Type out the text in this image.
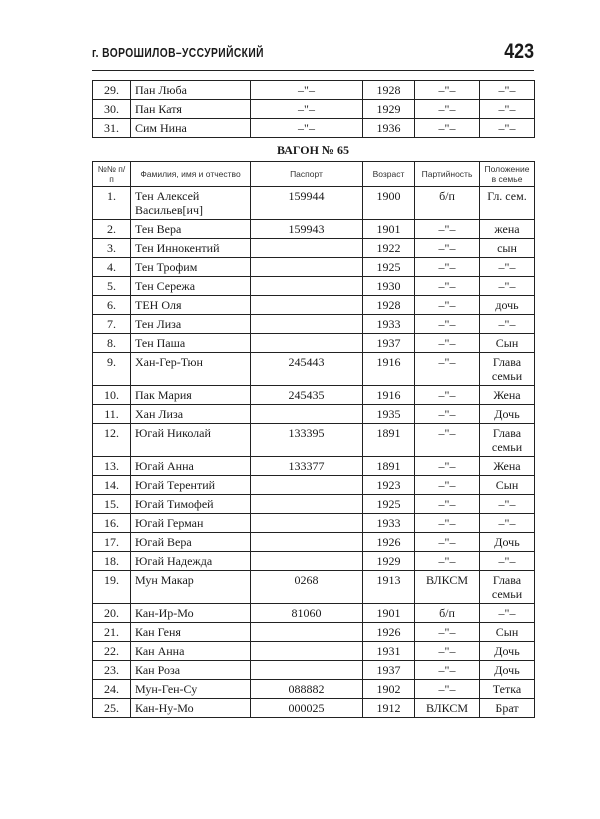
г. ВОРОШИЛОВ–УССУРИЙСКИЙ	423
29.	Пан Люба	–"–	1928	–"–	–"–
30.	Пан Катя	–"–	1929	–"–	–"–
31.	Сим Нина	–"–	1936	–"–	–"–
ВАГОН № 65
№№ п/п	Фамилия, имя и отчество	Паспорт	Возраст	Партийность	Положение в семье
1.	Тен Алексей Васильев[ич]	159944	1900	б/п	Гл. сем.
2.	Тен Вера	159943	1901	–"–	жена
3.	Тен Иннокентий		1922	–"–	сын
4.	Тен Трофим		1925	–"–	–"–
5.	Тен Сережа		1930	–"–	–"–
6.	ТЕН Оля		1928	–"–	дочь
7.	Тен Лиза		1933	–"–	–"–
8.	Тен Паша		1937	–"–	Сын
9.	Хан-Гер-Тюн	245443	1916	–"–	Глава семьи
10.	Пак Мария	245435	1916	–"–	Жена
11.	Хан Лиза		1935	–"–	Дочь
12.	Югай Николай	133395	1891	–"–	Глава семьи
13.	Югай Анна	133377	1891	–"–	Жена
14.	Югай Терентий		1923	–"–	Сын
15.	Югай Тимофей		1925	–"–	–"–
16.	Югай Герман		1933	–"–	–"–
17.	Югай Вера		1926	–"–	Дочь
18.	Югай Надежда		1929	–"–	–"–
19.	Мун Макар	0268	1913	ВЛКСМ	Глава семьи
20.	Кан-Ир-Мо	81060	1901	б/п	–"–
21.	Кан Геня		1926	–"–	Сын
22.	Кан Анна		1931	–"–	Дочь
23.	Кан Роза		1937	–"–	Дочь
24.	Мун-Ген-Су	088882	1902	–"–	Тетка
25.	Кан-Ну-Мо	000025	1912	ВЛКСМ	Брат
